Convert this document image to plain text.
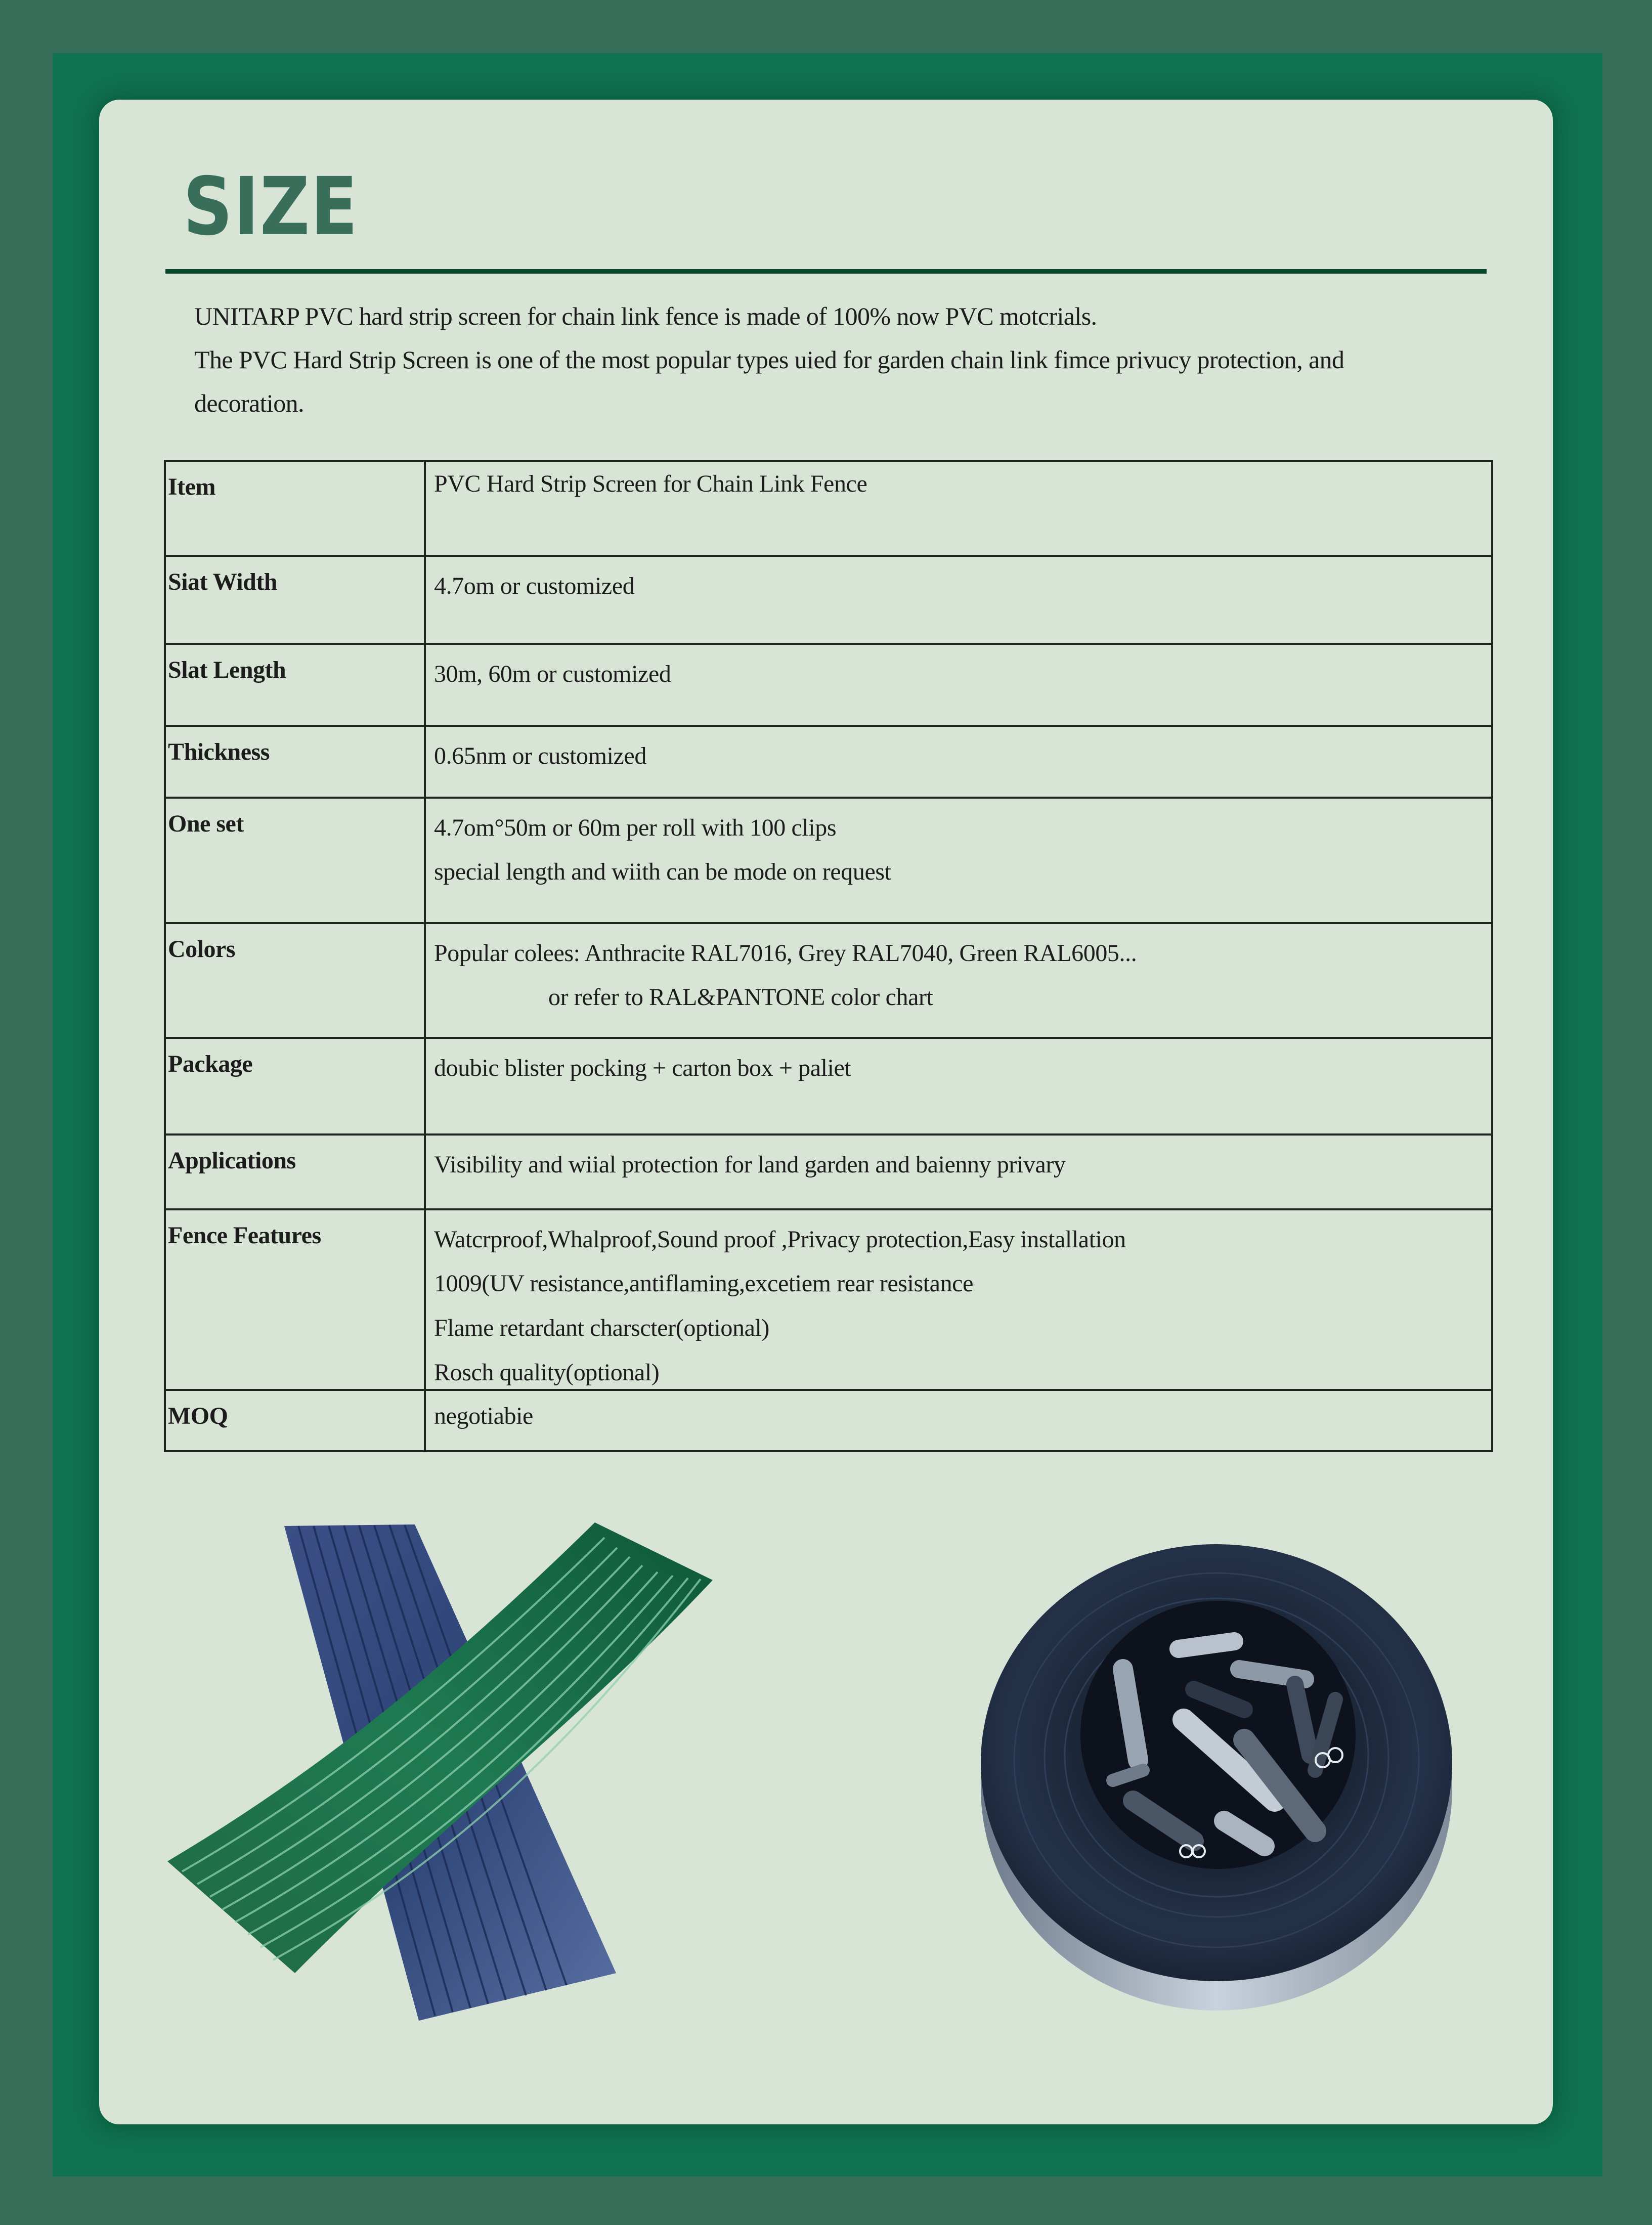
SIZE

UNITARP PVC hard strip screen for chain link fence is made of 100% now PVC motcrials.

The PVC Hard Strip Screen is one of the most popular types uied for garden chain link fimce privucy protection, and

decoration.

Item	PVC Hard Strip Screen for Chain Link Fence

Siat Width	4.7om or customized

Slat Length	30m, 60m or customized

Thickness	0.65nm or customized

One set	4.7om°50m or 60m per roll with 100 clips
special length and wiith can be mode on request

Colors	Popular colees: Anthracite RAL7016, Grey RAL7040, Green RAL6005...
or refer to RAL&PANTONE color chart

Package	doubic blister pocking + carton box + paliet

Applications	Visibility and wiial protection for land garden and baienny privary

Fence Features	Watcrproof,Whalproof,Sound proof ,Privacy protection,Easy installation
1009(UV resistance,antiflaming,excetiem rear resistance
Flame retardant charscter(optional)
Rosch quality(optional)

MOQ	negotiabie
